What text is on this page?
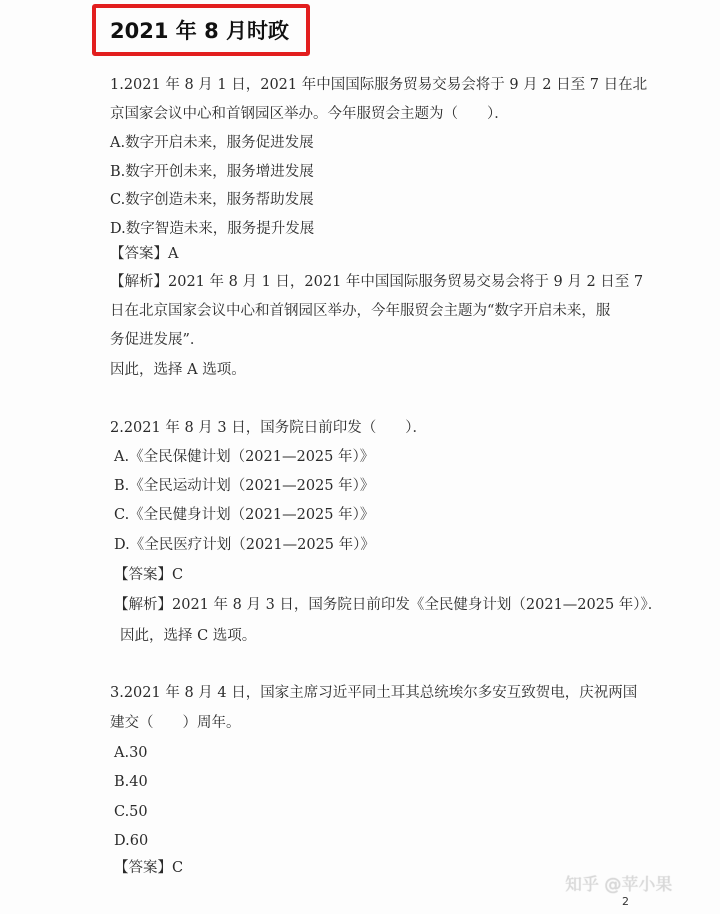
2021 年 8 月时政
1.2021 年 8 月 1 日，2021 年中国国际服务贸易交易会将于 9 月 2 日至 7 日在北
京国家会议中心和首钢园区举办。今年服贸会主题为（　　）．
A.数字开启未来，服务促进发展
B.数字开创未来，服务增进发展
C.数字创造未来，服务帮助发展
D.数字智造未来，服务提升发展
【答案】A
【解析】2021 年 8 月 1 日，2021 年中国国际服务贸易交易会将于 9 月 2 日至 7
日在北京国家会议中心和首钢园区举办，今年服贸会主题为“数字开启未来，服
务促进发展”．
因此，选择 A 选项。
2.2021 年 8 月 3 日，国务院日前印发（　　）．
A.《全民保健计划（2021—2025 年）》
B.《全民运动计划（2021—2025 年）》
C.《全民健身计划（2021—2025 年）》
D.《全民医疗计划（2021—2025 年）》
【答案】C
【解析】2021 年 8 月 3 日，国务院日前印发《全民健身计划（2021—2025 年）》．
因此，选择 C 选项。
3.2021 年 8 月 4 日，国家主席习近平同土耳其总统埃尔多安互致贺电，庆祝两国
建交（　　）周年。
A.30
B.40
C.50
D.60
【答案】C
知乎 @苹小果
2
